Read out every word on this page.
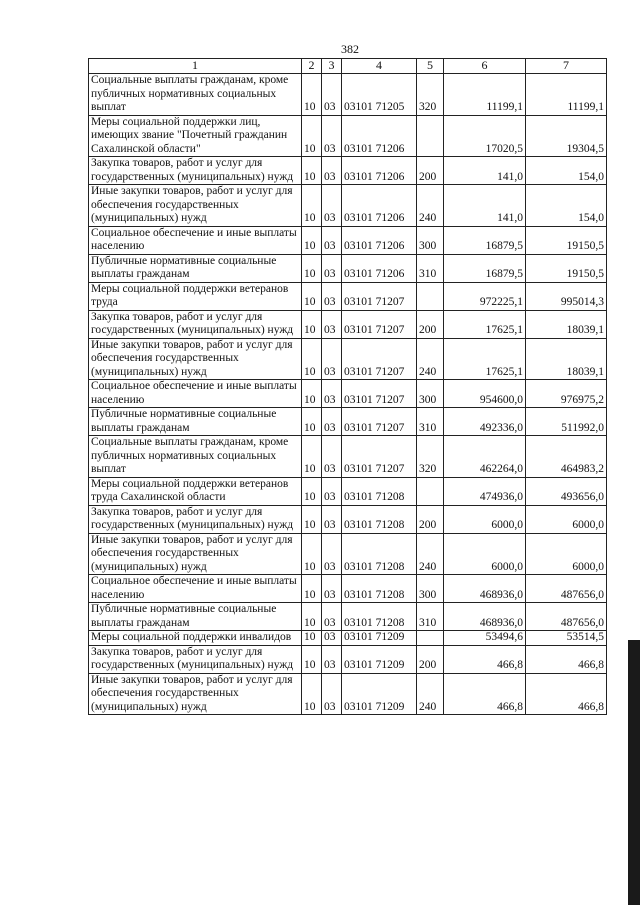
382
1	2	3	4	5	6	7
Социальные выплаты гражданам, кроме публичных нормативных социальных выплат	10	03	03101 71205	320	11199,1	11199,1
Меры социальной поддержки лиц, имеющих звание "Почетный гражданин Сахалинской области"	10	03	03101 71206		17020,5	19304,5
Закупка товаров, работ и услуг для государственных (муниципальных) нужд	10	03	03101 71206	200	141,0	154,0
Иные закупки товаров, работ и услуг для обеспечения государственных (муниципальных) нужд	10	03	03101 71206	240	141,0	154,0
Социальное обеспечение и иные выплаты населению	10	03	03101 71206	300	16879,5	19150,5
Публичные нормативные социальные выплаты гражданам	10	03	03101 71206	310	16879,5	19150,5
Меры социальной поддержки ветеранов труда	10	03	03101 71207		972225,1	995014,3
Закупка товаров, работ и услуг для государственных (муниципальных) нужд	10	03	03101 71207	200	17625,1	18039,1
Иные закупки товаров, работ и услуг для обеспечения государственных (муниципальных) нужд	10	03	03101 71207	240	17625,1	18039,1
Социальное обеспечение и иные выплаты населению	10	03	03101 71207	300	954600,0	976975,2
Публичные нормативные социальные выплаты гражданам	10	03	03101 71207	310	492336,0	511992,0
Социальные выплаты гражданам, кроме публичных нормативных социальных выплат	10	03	03101 71207	320	462264,0	464983,2
Меры социальной поддержки ветеранов труда Сахалинской области	10	03	03101 71208		474936,0	493656,0
Закупка товаров, работ и услуг для государственных (муниципальных) нужд	10	03	03101 71208	200	6000,0	6000,0
Иные закупки товаров, работ и услуг для обеспечения государственных (муниципальных) нужд	10	03	03101 71208	240	6000,0	6000,0
Социальное обеспечение и иные выплаты населению	10	03	03101 71208	300	468936,0	487656,0
Публичные нормативные социальные выплаты гражданам	10	03	03101 71208	310	468936,0	487656,0
Меры социальной поддержки инвалидов	10	03	03101 71209		53494,6	53514,5
Закупка товаров, работ и услуг для государственных (муниципальных) нужд	10	03	03101 71209	200	466,8	466,8
Иные закупки товаров, работ и услуг для обеспечения государственных (муниципальных) нужд	10	03	03101 71209	240	466,8	466,8
